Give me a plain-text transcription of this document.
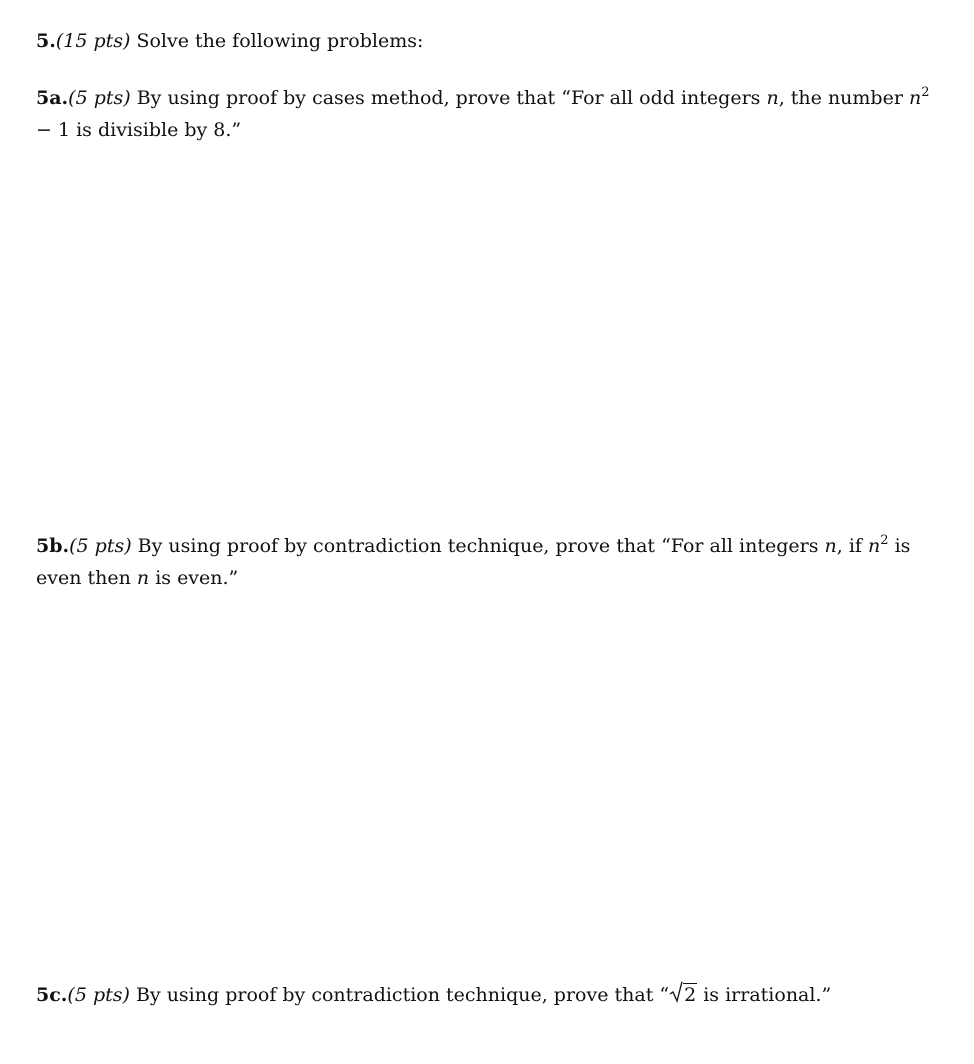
5.(15 pts) Solve the following problems:

5a.(5 pts) By using proof by cases method, prove that “For all odd integers n, the number $n^2 - 1$ is divisible by 8.”

5b.(5 pts) By using proof by contradiction technique, prove that “For all integers n, if $n^2$ is even then n is even.”

5c.(5 pts) By using proof by contradiction technique, prove that “ 2 is irrational.”
